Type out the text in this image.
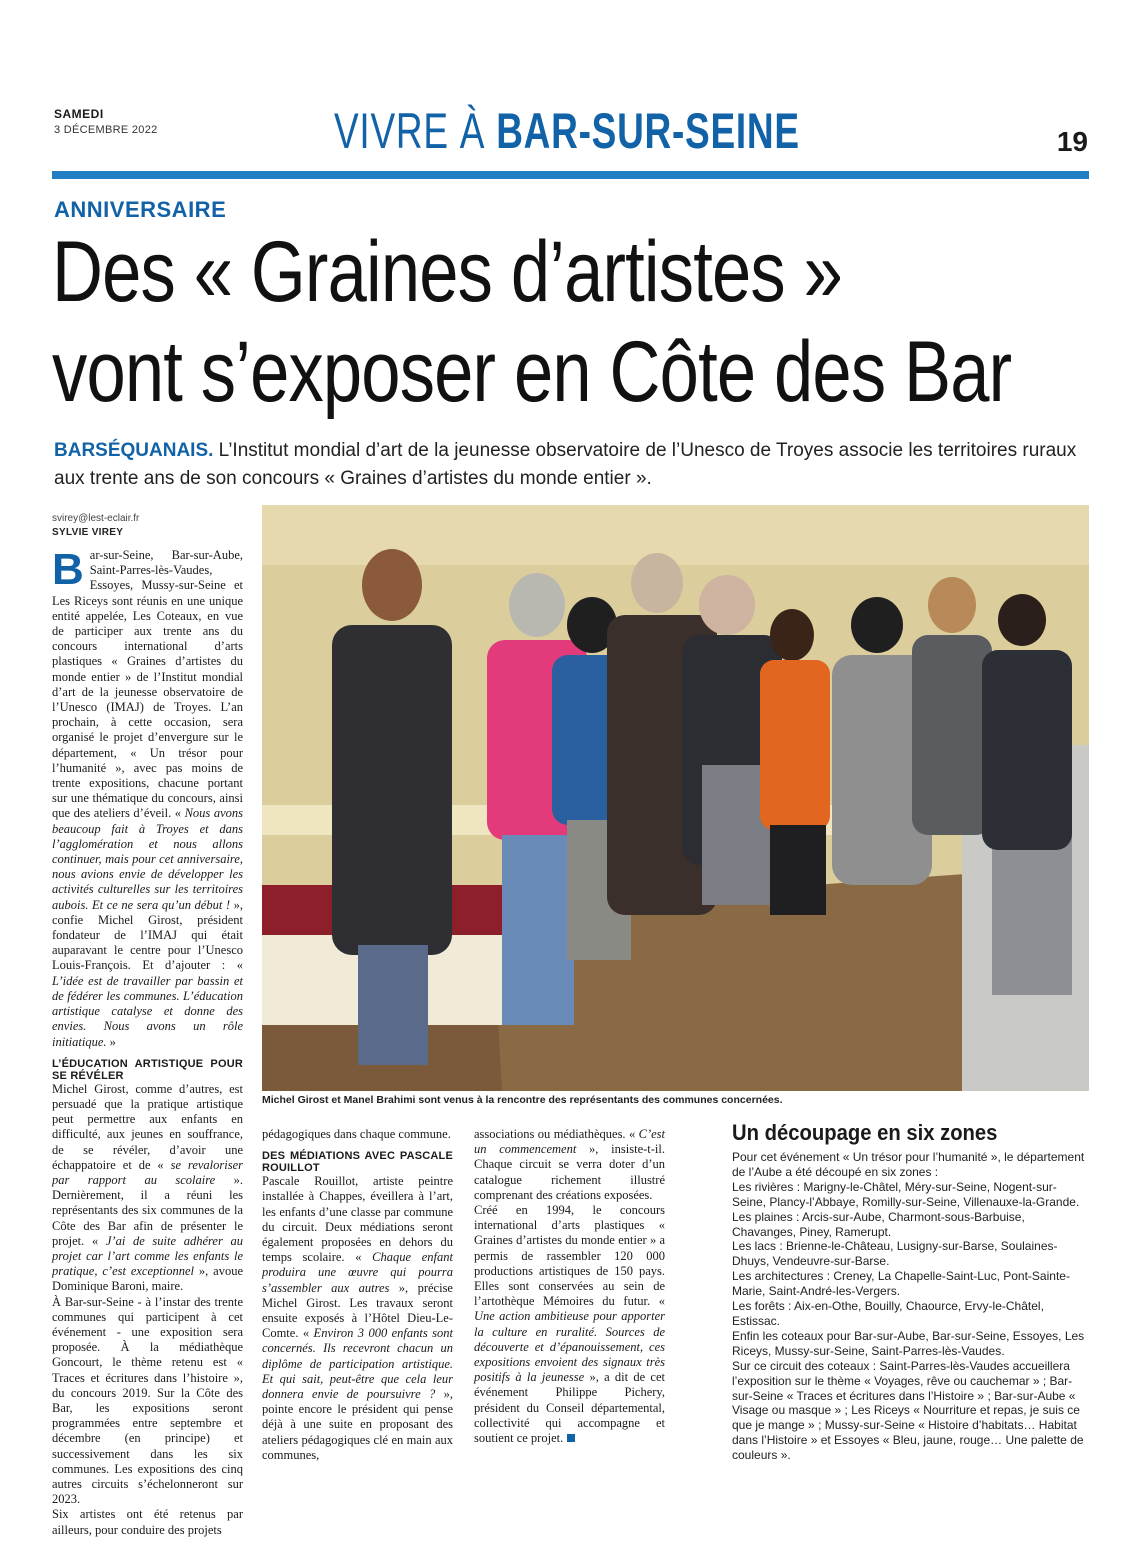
SAMEDI
3 DÉCEMBRE 2022	VIVRE À BAR-SUR-SEINE	19
ANNIVERSAIRE
Des « Graines d’artistes »
vont s’exposer en Côte des Bar
BARSÉQUANAIS. L’Institut mondial d’art de la jeunesse observatoire de l’Unesco de Troyes associe les territoires ruraux aux trente ans de son concours « Graines d’artistes du monde entier ».
svirey@lest-eclair.fr
SYLVIE VIREY

Bar-sur-Seine, Bar-sur-Aube, Saint-Parres-lès-Vaudes, Essoyes, Mussy-sur-Seine et Les Riceys sont réunis en une unique entité appelée, Les Coteaux, en vue de participer aux trente ans du concours international d’arts plastiques « Graines d’artistes du monde entier » de l’Institut mondial d’art de la jeunesse observatoire de l’Unesco (IMAJ) de Troyes. L’an prochain, à cette occasion, sera organisé le projet d’envergure sur le département, « Un trésor pour l’humanité », avec pas moins de trente expositions, chacune portant sur une thématique du concours, ainsi que des ateliers d’éveil. « Nous avons beaucoup fait à Troyes et dans l’agglomération et nous allons continuer, mais pour cet anniversaire, nous avions envie de développer les activités culturelles sur les territoires aubois. Et ce ne sera qu’un début ! », confie Michel Girost, président fondateur de l’IMAJ qui était auparavant le centre pour l’Unesco Louis-François. Et d’ajouter : « L’idée est de travailler par bassin et de fédérer les communes. L’éducation artistique catalyse et donne des envies. Nous avons un rôle initiatique. »

L’ÉDUCATION ARTISTIQUE POUR SE RÉVÉLER

Michel Girost, comme d’autres, est persuadé que la pratique artistique peut permettre aux enfants en difficulté, aux jeunes en souffrance, de se révéler, d’avoir une échappatoire et de « se revaloriser par rapport au scolaire ». Dernièrement, il a réuni les représentants des six communes de la Côte des Bar afin de présenter le projet. « J’ai de suite adhérer au projet car l’art comme les enfants le pratique, c’est exceptionnel », avoue Dominique Baroni, maire.

À Bar-sur-Seine - à l’instar des trente communes qui participent à cet événement - une exposition sera proposée. À la médiathèque Goncourt, le thème retenu est « Traces et écritures dans l’histoire », du concours 2019. Sur la Côte des Bar, les expositions seront programmées entre septembre et décembre (en principe) et successivement dans les six communes. Les expositions des cinq autres circuits s’échelonneront sur 2023.

Six artistes ont été retenus par ailleurs, pour conduire des projets

Michel Girost et Manel Brahimi sont venus à la rencontre des représentants des communes concernées.

pédagogiques dans chaque commune.

DES MÉDIATIONS AVEC PASCALE ROUILLOT

Pascale Rouillot, artiste peintre installée à Chappes, éveillera à l’art, les enfants d’une classe par commune du circuit. Deux médiations seront également proposées en dehors du temps scolaire. « Chaque enfant produira une œuvre qui pourra s’assembler aux autres », précise Michel Girost. Les travaux seront ensuite exposés à l’Hôtel Dieu-Le-Comte. « Environ 3 000 enfants sont concernés. Ils recevront chacun un diplôme de participation artistique. Et qui sait, peut-être que cela leur donnera envie de poursuivre ? », pointe encore le président qui pense déjà à une suite en proposant des ateliers pédagogiques clé en main aux communes,

associations ou médiathèques. « C’est un commencement », insiste-t-il. Chaque circuit se verra doter d’un catalogue richement illustré comprenant des créations exposées.

Créé en 1994, le concours international d’arts plastiques « Graines d’artistes du monde entier » a permis de rassembler 120 000 productions artistiques de 150 pays. Elles sont conservées au sein de l’artothèque Mémoires du futur. « Une action ambitieuse pour apporter la culture en ruralité. Sources de découverte et d’épanouissement, ces expositions envoient des signaux très positifs à la jeunesse », a dit de cet événement Philippe Pichery, président du Conseil départemental, collectivité qui accompagne et soutient ce projet.

Un découpage en six zones

Pour cet événement « Un trésor pour l’humanité », le département de l’Aube a été découpé en six zones :

Les rivières : Marigny-le-Châtel, Méry-sur-Seine, Nogent-sur-Seine, Plancy-l’Abbaye, Romilly-sur-Seine, Villenauxe-la-Grande.

Les plaines : Arcis-sur-Aube, Charmont-sous-Barbuise, Chavanges, Piney, Ramerupt.

Les lacs : Brienne-le-Château, Lusigny-sur-Barse, Soulaines-Dhuys, Vendeuvre-sur-Barse.

Les architectures : Creney, La Chapelle-Saint-Luc, Pont-Sainte-Marie, Saint-André-les-Vergers.

Les forêts : Aix-en-Othe, Bouilly, Chaource, Ervy-le-Châtel, Estissac.

Enfin les coteaux pour Bar-sur-Aube, Bar-sur-Seine, Essoyes, Les Riceys, Mussy-sur-Seine, Saint-Parres-lès-Vaudes.

Sur ce circuit des coteaux : Saint-Parres-lès-Vaudes accueillera l’exposition sur le thème « Voyages, rêve ou cauchemar » ; Bar-sur-Seine « Traces et écritures dans l’Histoire » ; Bar-sur-Aube « Visage ou masque » ; Les Riceys « Nourriture et repas, je suis ce que je mange » ; Mussy-sur-Seine « Histoire d’habitats… Habitat dans l’Histoire » et Essoyes « Bleu, jaune, rouge… Une palette de couleurs ».
